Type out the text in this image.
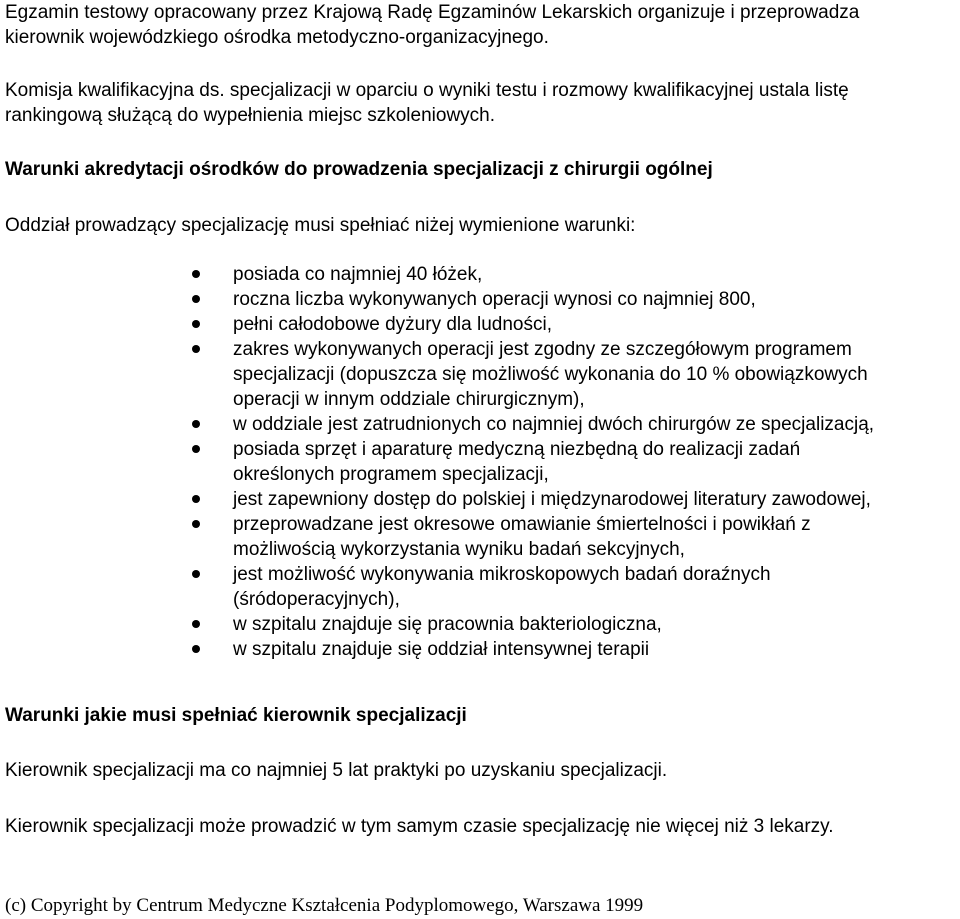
Egzamin testowy opracowany przez Krajową Radę Egzaminów Lekarskich organizuje i przeprowadza
kierownik wojewódzkiego ośrodka metodyczno-organizacyjnego.
Komisja kwalifikacyjna ds. specjalizacji w oparciu o wyniki testu i rozmowy kwalifikacyjnej ustala listę
rankingową służącą do wypełnienia miejsc szkoleniowych.
Warunki akredytacji ośrodków do prowadzenia specjalizacji z chirurgii ogólnej
Oddział prowadzący specjalizację musi spełniać niżej wymienione warunki:
posiada co najmniej 40 łóżek,
roczna liczba wykonywanych operacji wynosi co najmniej 800,
pełni całodobowe dyżury dla ludności,
zakres wykonywanych operacji jest zgodny ze szczegółowym programem
specjalizacji (dopuszcza się możliwość wykonania do 10 % obowiązkowych
operacji w innym oddziale chirurgicznym),
w oddziale jest zatrudnionych co najmniej dwóch chirurgów ze specjalizacją,
posiada sprzęt i aparaturę medyczną niezbędną do realizacji zadań
określonych programem specjalizacji,
jest zapewniony dostęp do polskiej i międzynarodowej literatury zawodowej,
przeprowadzane jest okresowe omawianie śmiertelności i powikłań z
możliwością wykorzystania wyniku badań sekcyjnych,
jest możliwość wykonywania mikroskopowych badań doraźnych
(śródoperacyjnych),
w szpitalu znajduje się pracownia bakteriologiczna,
w szpitalu znajduje się oddział intensywnej terapii
Warunki jakie musi spełniać kierownik specjalizacji
Kierownik specjalizacji ma co najmniej 5 lat praktyki po uzyskaniu specjalizacji.
Kierownik specjalizacji może prowadzić w tym samym czasie specjalizację nie więcej niż 3 lekarzy.
(c) Copyright by Centrum Medyczne Kształcenia Podyplomowego, Warszawa 1999
